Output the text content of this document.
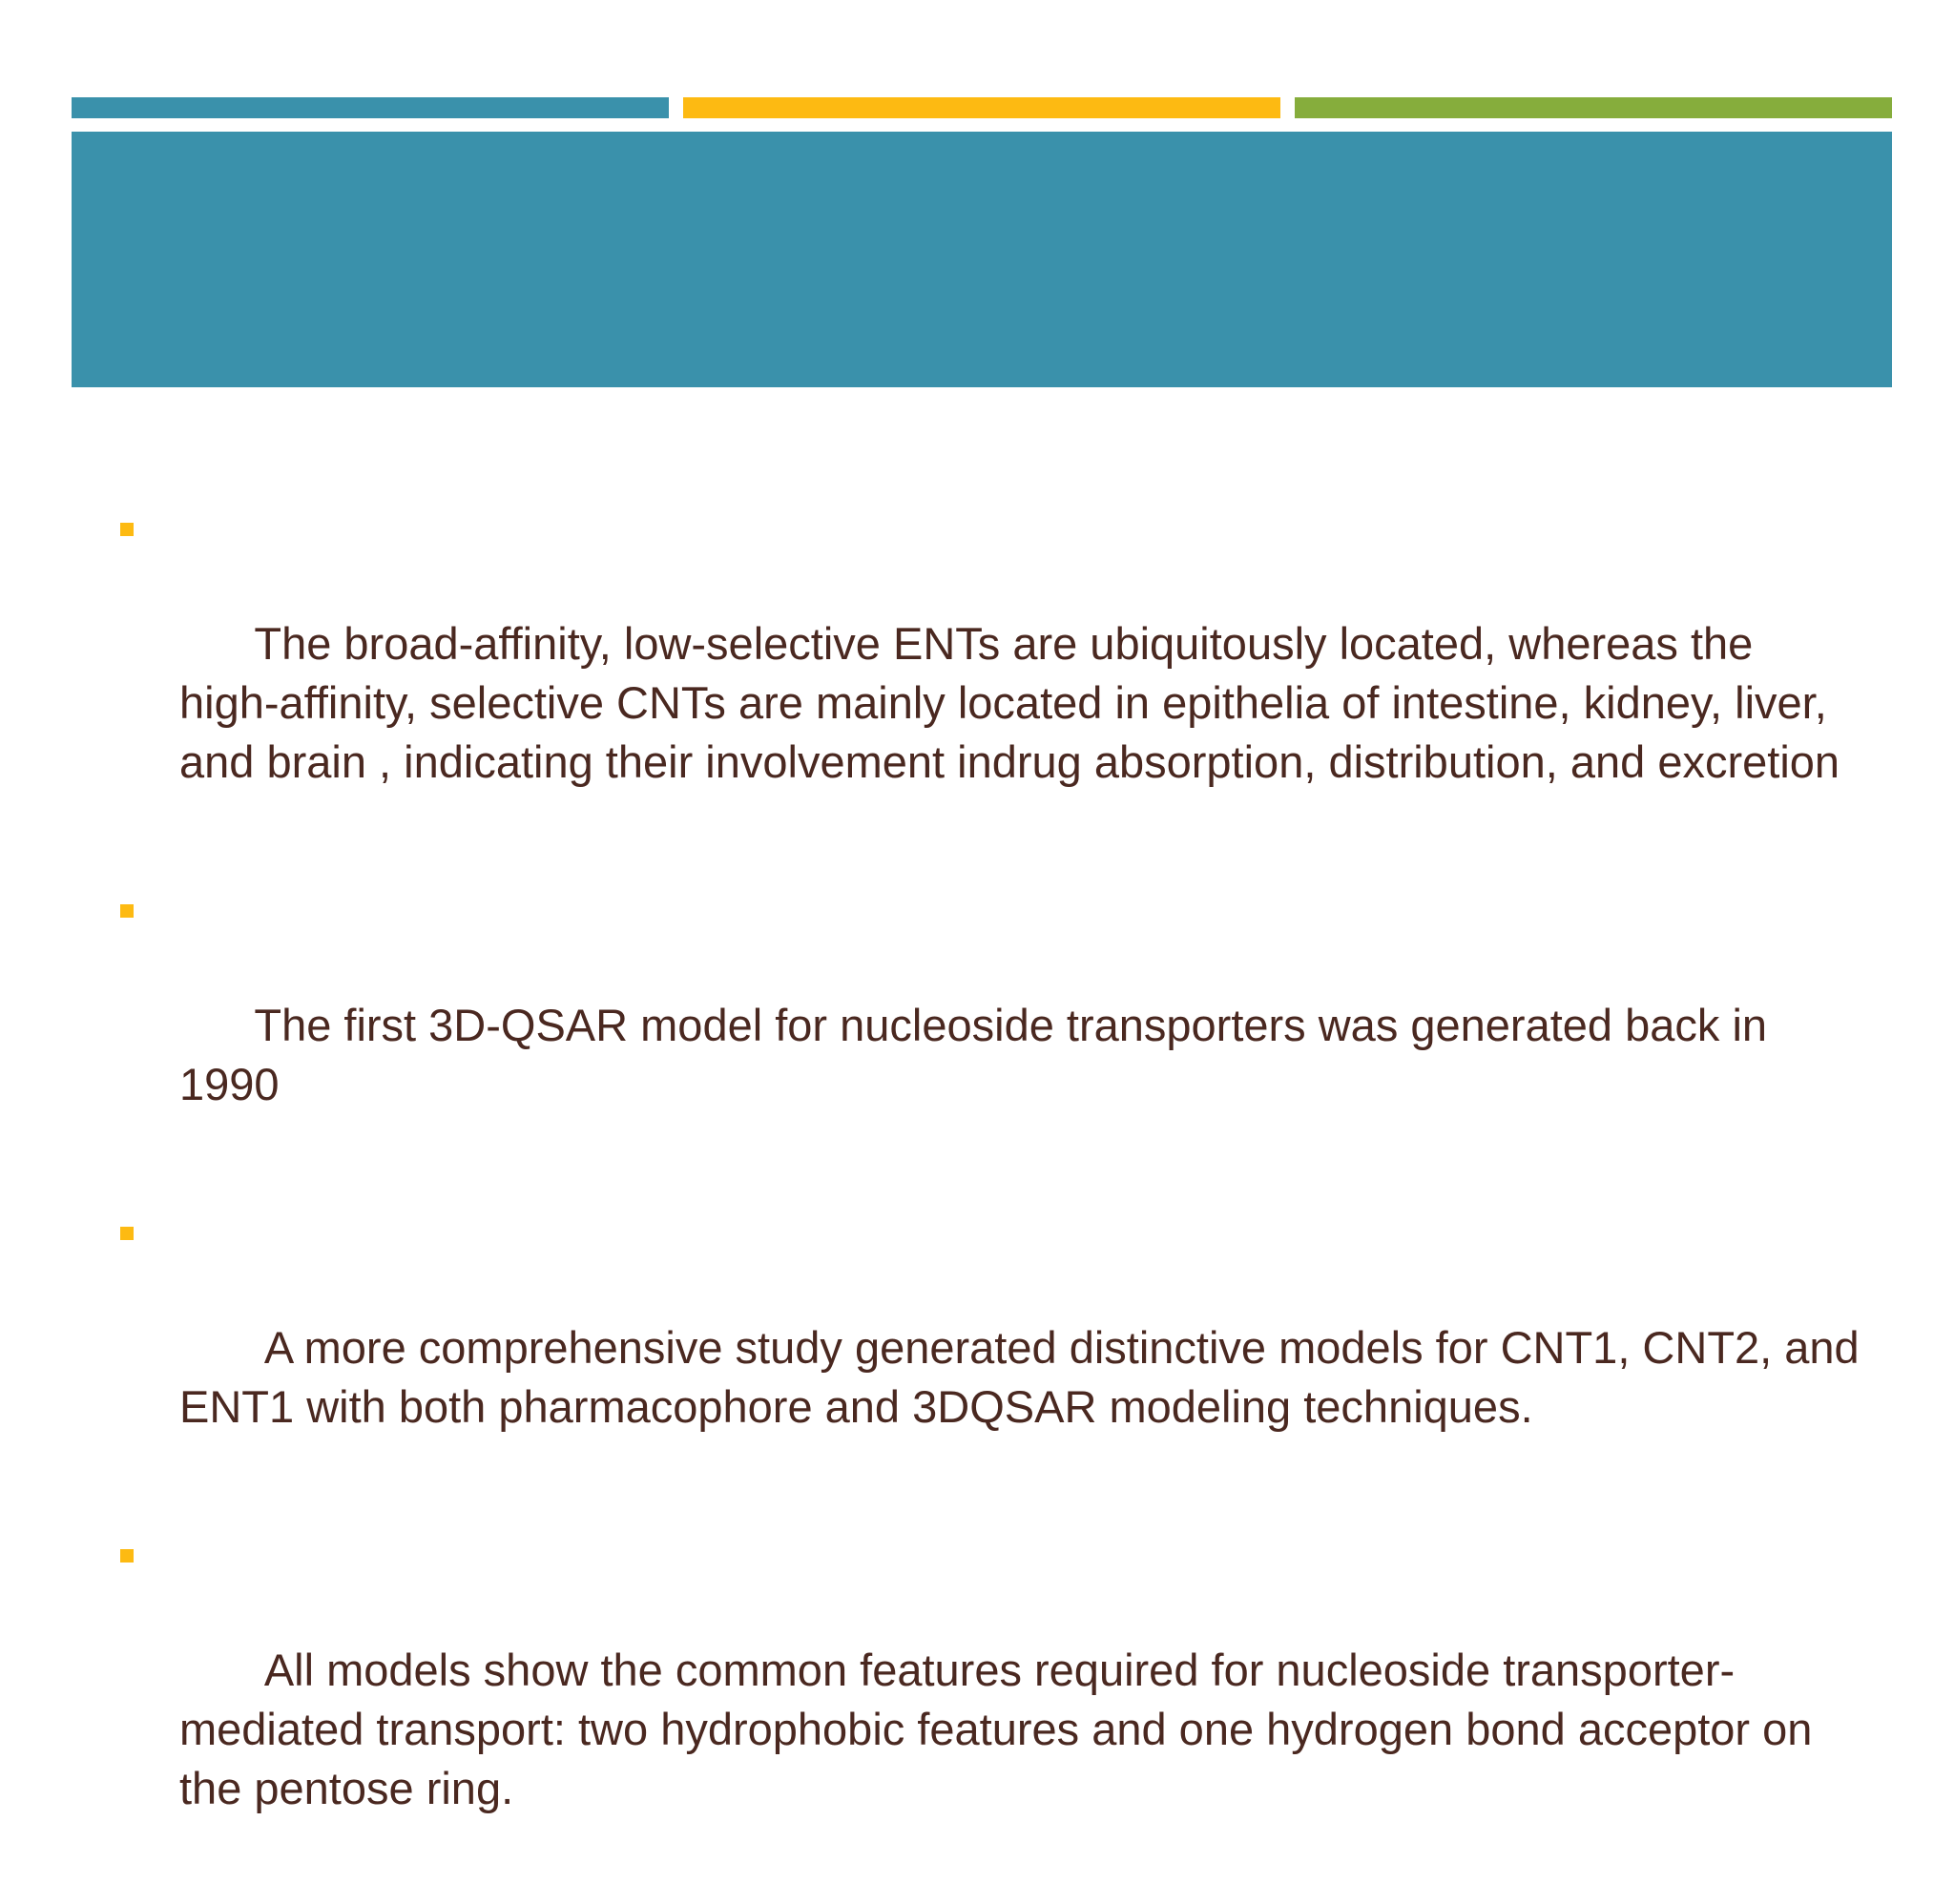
The broad-affinity, low-selective ENTs are ubiquitously located, whereas the high-affinity, selective CNTs are mainly located in epithelia of intestine, kidney, liver, and brain , indicating their involvement indrug absorption, distribution, and excretion

The first 3D-QSAR model for nucleoside transporters was generated back in 1990

A more comprehensive study generated distinctive models for CNT1, CNT2, and ENT1 with both pharmacophore and 3DQSAR modeling techniques.

All models show the common features required for nucleoside transporter-mediated transport: two hydrophobic features and one hydrogen bond acceptor on the pentose ring.
